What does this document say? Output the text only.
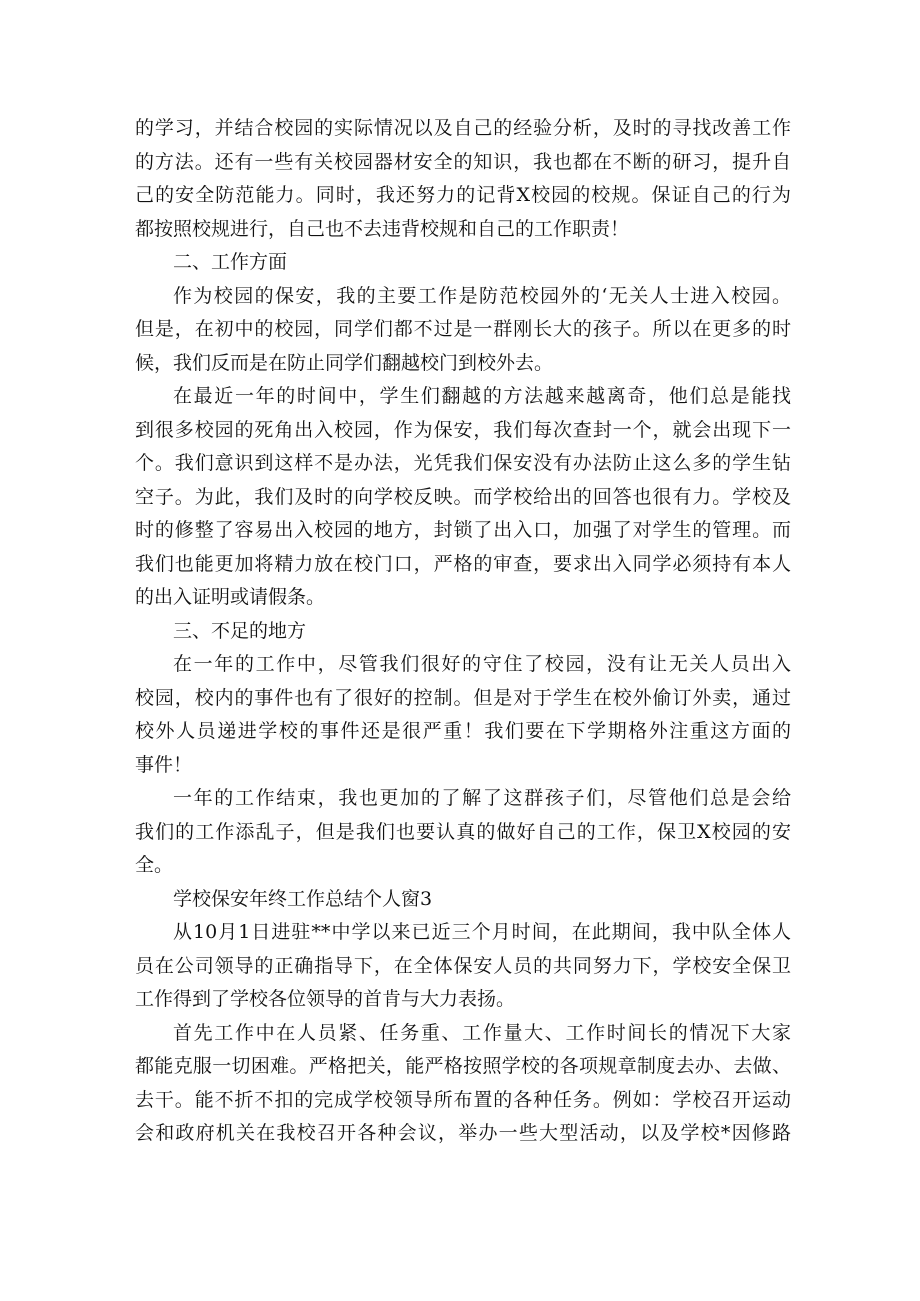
的学习，并结合校园的实际情况以及自己的经验分析，及时的寻找改善工作
的方法。还有一些有关校园器材安全的知识，我也都在不断的研习，提升自
己的安全防范能力。同时，我还努力的记背X校园的校规。保证自己的行为
都按照校规进行，自己也不去违背校规和自己的工作职责！
二、工作方面
作为校园的保安，我的主要工作是防范校园外的‘无关人士进入校园。
但是，在初中的校园，同学们都不过是一群刚长大的孩子。所以在更多的时
候，我们反而是在防止同学们翻越校门到校外去。
在最近一年的时间中，学生们翻越的方法越来越离奇，他们总是能找
到很多校园的死角出入校园，作为保安，我们每次查封一个，就会出现下一
个。我们意识到这样不是办法，光凭我们保安没有办法防止这么多的学生钻
空子。为此，我们及时的向学校反映。而学校给出的回答也很有力。学校及
时的修整了容易出入校园的地方，封锁了出入口，加强了对学生的管理。而
我们也能更加将精力放在校门口，严格的审查，要求出入同学必须持有本人
的出入证明或请假条。
三、不足的地方
在一年的工作中，尽管我们很好的守住了校园，没有让无关人员出入
校园，校内的事件也有了很好的控制。但是对于学生在校外偷订外卖，通过
校外人员递进学校的事件还是很严重！我们要在下学期格外注重这方面的
事件！
一年的工作结束，我也更加的了解了这群孩子们，尽管他们总是会给
我们的工作添乱子，但是我们也要认真的做好自己的工作，保卫X校园的安
全。
学校保安年终工作总结个人窗3
从10月1日进驻**中学以来已近三个月时间，在此期间，我中队全体人
员在公司领导的正确指导下，在全体保安人员的共同努力下，学校安全保卫
工作得到了学校各位领导的首肯与大力表扬。
首先工作中在人员紧、任务重、工作量大、工作时间长的情况下大家
都能克服一切困难。严格把关，能严格按照学校的各项规章制度去办、去做、
去干。能不折不扣的完成学校领导所布置的各种任务。例如：学校召开运动
会和政府机关在我校召开各种会议，举办一些大型活动，以及学校*因修路
